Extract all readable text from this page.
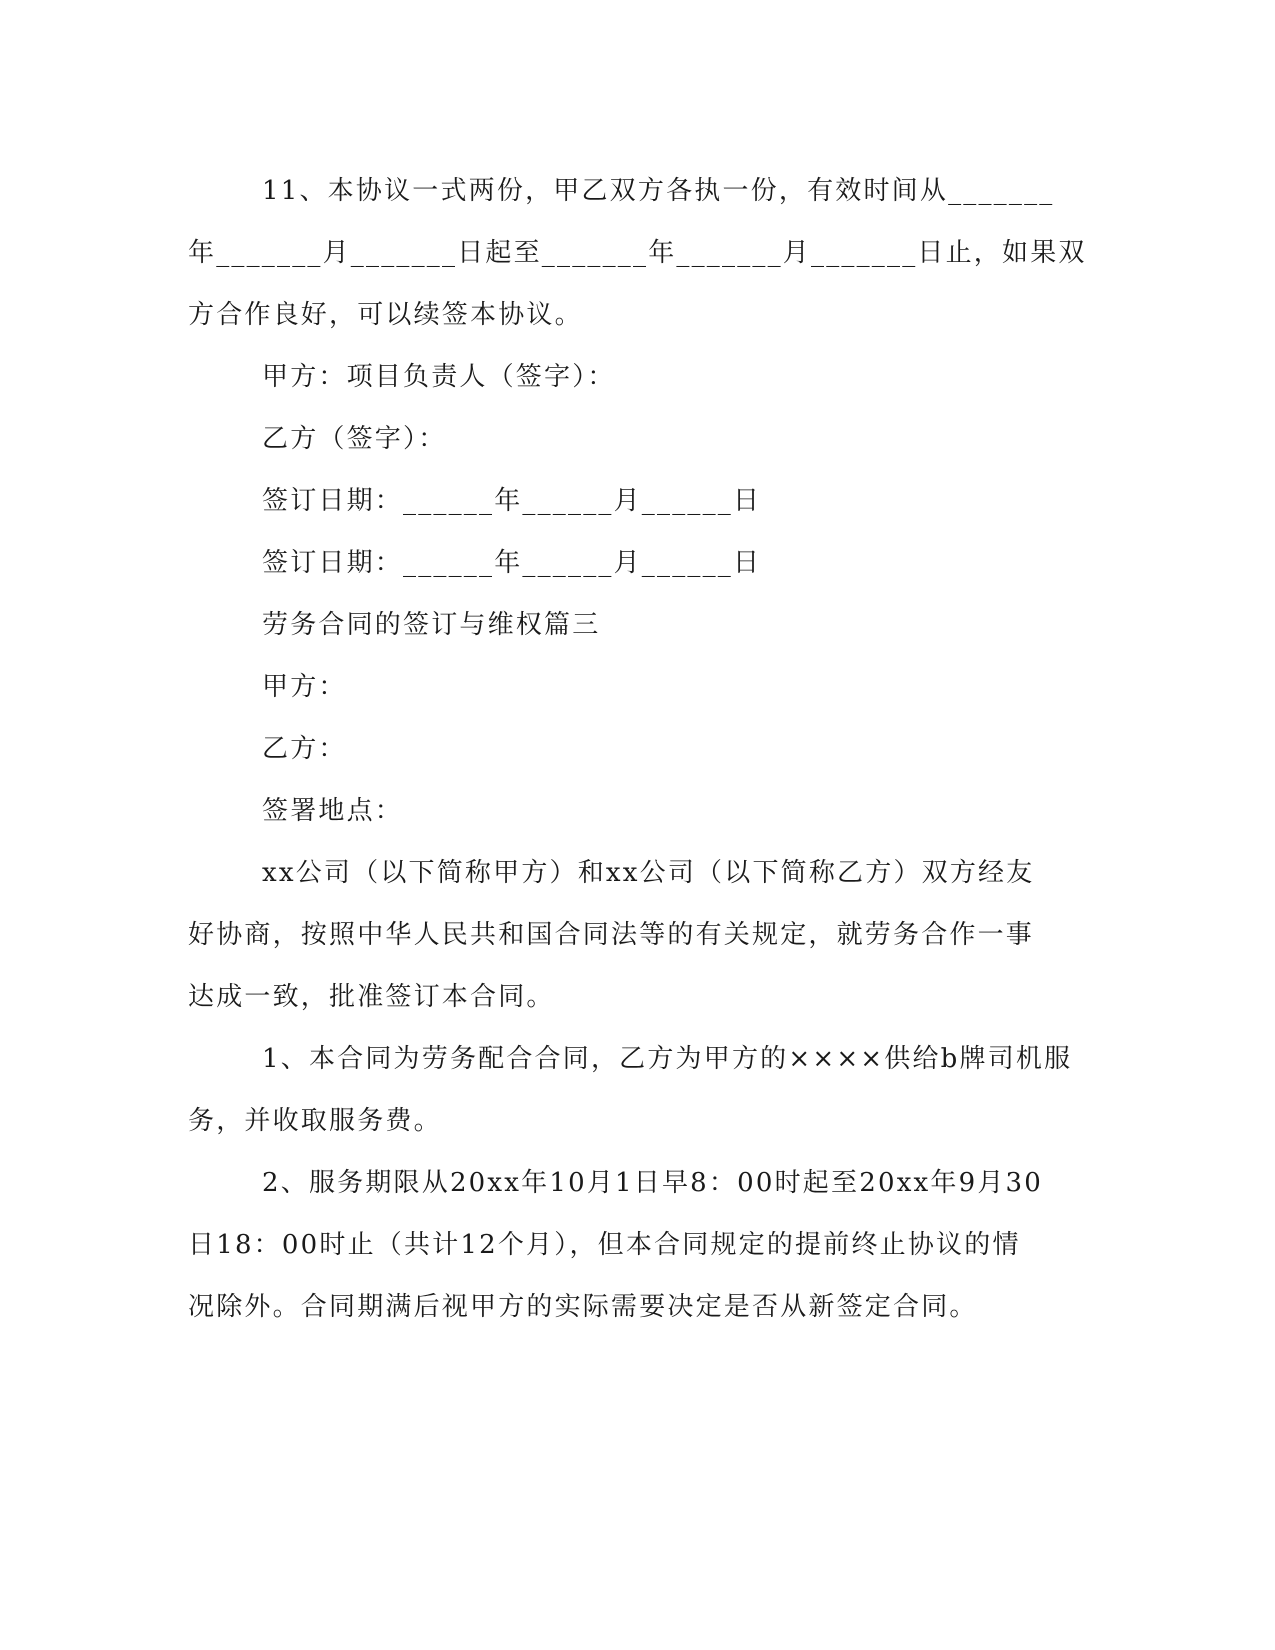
11、本协议一式两份，甲乙双方各执一份，有效时间从_______
年_______月_______日起至_______年_______月_______日止，如果双
方合作良好，可以续签本协议。
甲方：项目负责人（签字）：
乙方（签字）：
签订日期：______年______月______日
签订日期：______年______月______日
劳务合同的签订与维权篇三
甲方：
乙方：
签署地点：
xx公司（以下简称甲方）和xx公司（以下简称乙方）双方经友
好协商，按照中华人民共和国合同法等的有关规定，就劳务合作一事
达成一致，批准签订本合同。
1、本合同为劳务配合合同，乙方为甲方的××××供给b牌司机服
务，并收取服务费。
2、服务期限从20xx年10月1日早8：00时起至20xx年9月30
日18：00时止（共计12个月），但本合同规定的提前终止协议的情
况除外。合同期满后视甲方的实际需要决定是否从新签定合同。
